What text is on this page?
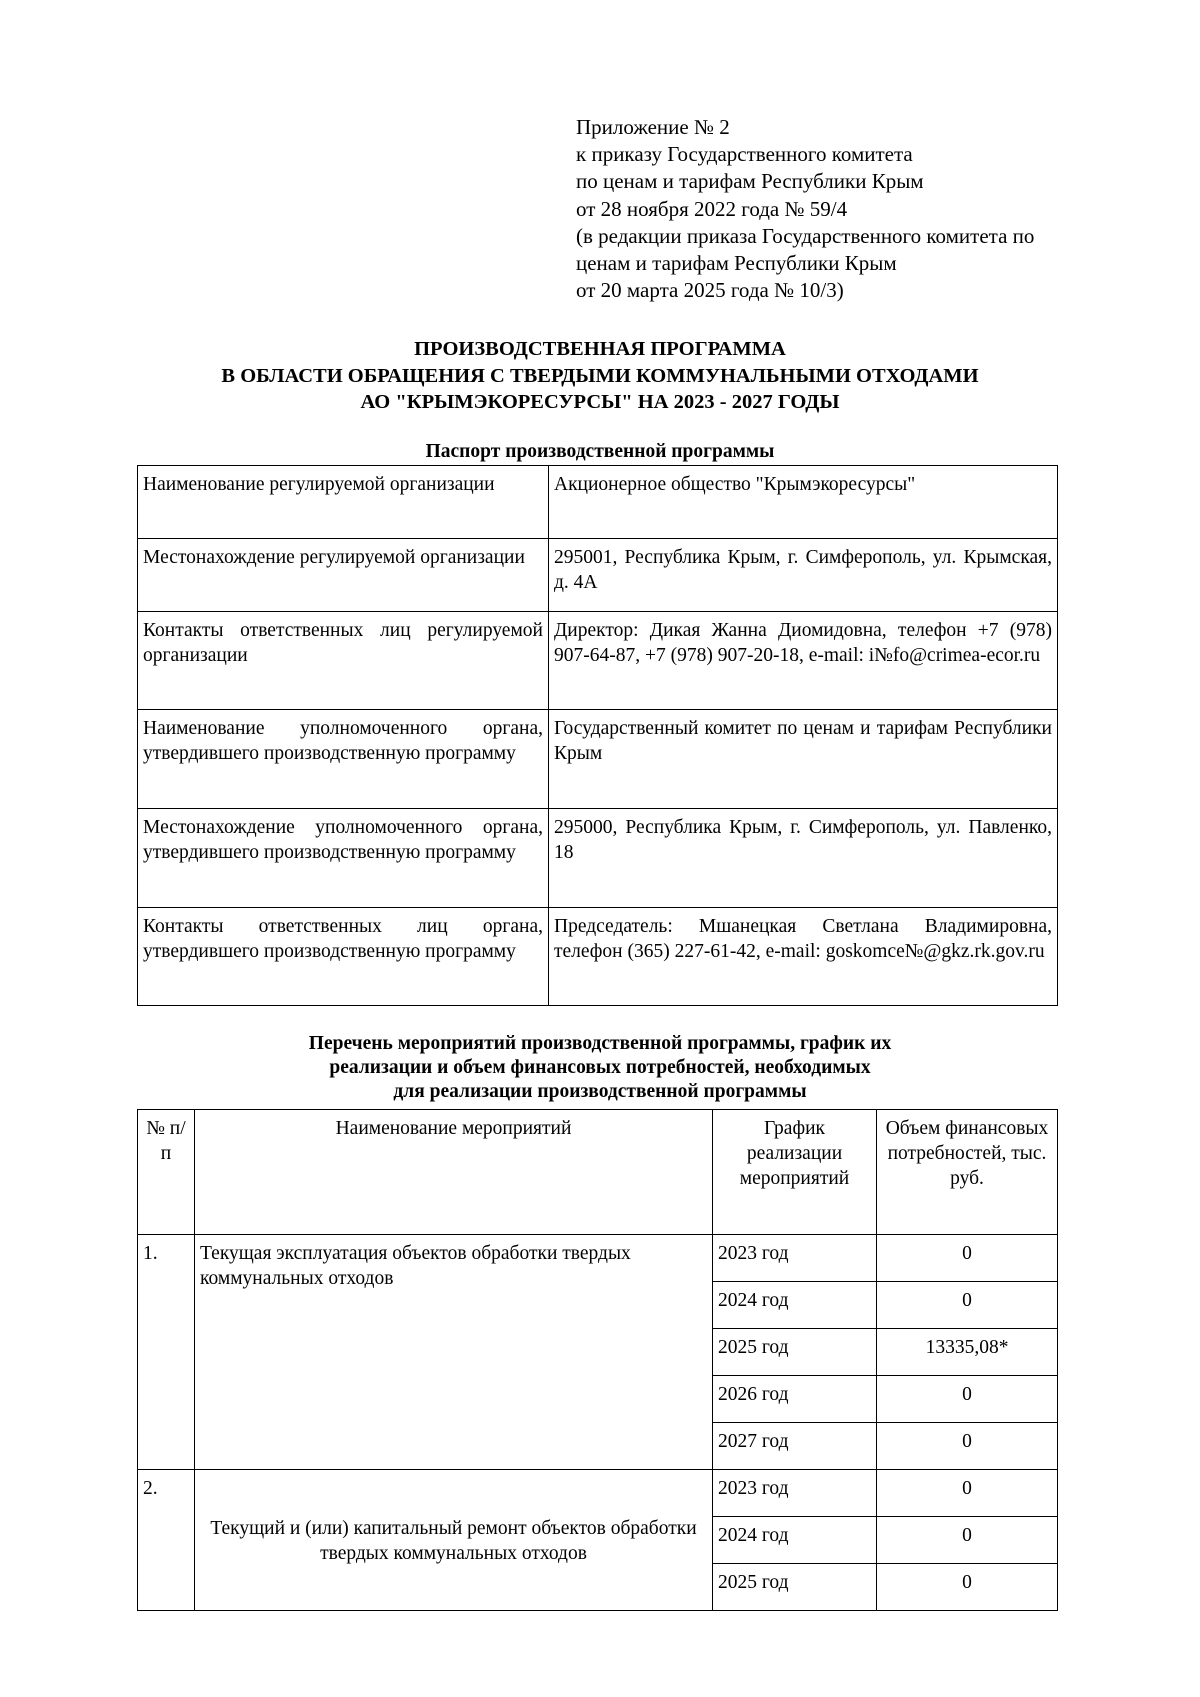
Приложение № 2
к приказу Государственного комитета
по ценам и тарифам Республики Крым
от 28 ноября 2022 года № 59/4
(в редакции приказа Государственного комитета по
ценам и тарифам Республики Крым
от 20 марта 2025 года № 10/3)
ПРОИЗВОДСТВЕННАЯ ПРОГРАММА
В ОБЛАСТИ ОБРАЩЕНИЯ С ТВЕРДЫМИ КОММУНАЛЬНЫМИ ОТХОДАМИ
АО "КРЫМЭКОРЕСУРСЫ" НА 2023 - 2027 ГОДЫ
Паспорт производственной программы
Наименование регулируемой организации	Акционерное общество "Крымэкоресурсы"
Местонахождение регулируемой организации	295001, Республика Крым, г. Симферополь, ул. Крымская, д. 4А
Контакты ответственных лиц регулируемой организации	Директор: Дикая Жанна Диомидовна, телефон +7 (978) 907-64-87, +7 (978) 907-20-18, e-mail: i№fo@crimea-ecor.ru
Наименование уполномоченного органа, утвердившего производственную программу	Государственный комитет по ценам и тарифам Республики Крым
Местонахождение уполномоченного органа, утвердившего производственную программу	295000, Республика Крым, г. Симферополь, ул. Павленко, 18
Контакты ответственных лиц органа, утвердившего производственную программу	Председатель: Мшанецкая Светлана Владимировна, телефон (365) 227-61-42, e-mail: goskomce№@gkz.rk.gov.ru
Перечень мероприятий производственной программы, график их
реализации и объем финансовых потребностей, необходимых
для реализации производственной программы
№ п/п	Наименование мероприятий	График реализации мероприятий	Объем финансовых потребностей, тыс. руб.
1.	Текущая эксплуатация объектов обработки твердых коммунальных отходов	2023 год	0
		2024 год	0
		2025 год	13335,08*
		2026 год	0
		2027 год	0
2.	Текущий и (или) капитальный ремонт объектов обработки твердых коммунальных отходов	2023 год	0
		2024 год	0
		2025 год	0
